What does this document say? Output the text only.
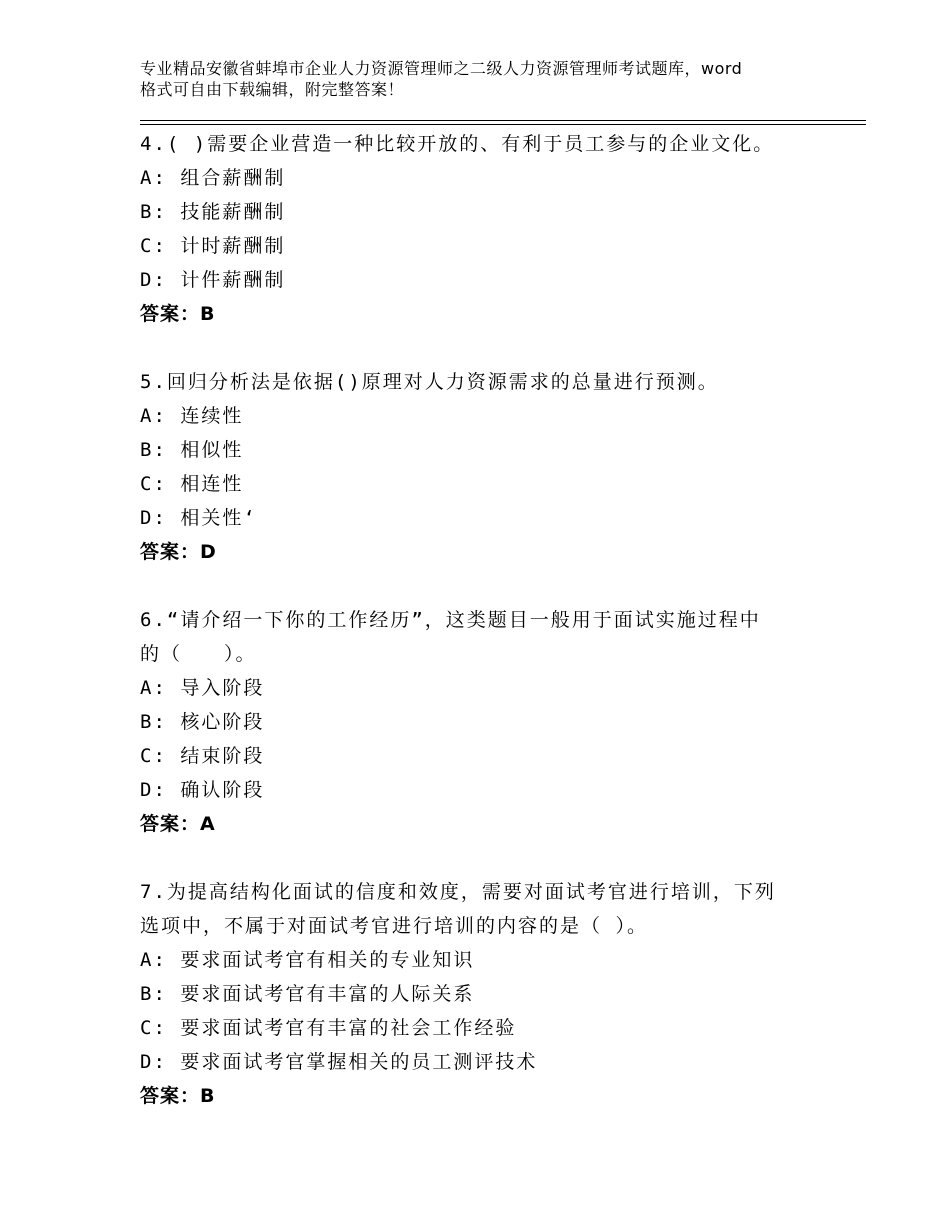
专业精品安徽省蚌埠市企业人力资源管理师之二级人力资源管理师考试题库，word
格式可自由下载编辑，附完整答案！
4.( )需要企业营造一种比较开放的、有利于员工参与的企业文化。
A: 组合薪酬制
B: 技能薪酬制
C: 计时薪酬制
D: 计件薪酬制
答案：B
5.回归分析法是依据()原理对人力资源需求的总量进行预测。
A: 连续性
B: 相似性
C: 相连性
D: 相关性‘
答案：D
6.“请介绍一下你的工作经历”，这类题目一般用于面试实施过程中
的（　　）。
A: 导入阶段
B: 核心阶段
C: 结束阶段
D: 确认阶段
答案：A
7.为提高结构化面试的信度和效度，需要对面试考官进行培训，下列
选项中，不属于对面试考官进行培训的内容的是（ ）。
A: 要求面试考官有相关的专业知识
B: 要求面试考官有丰富的人际关系
C: 要求面试考官有丰富的社会工作经验
D: 要求面试考官掌握相关的员工测评技术
答案：B
